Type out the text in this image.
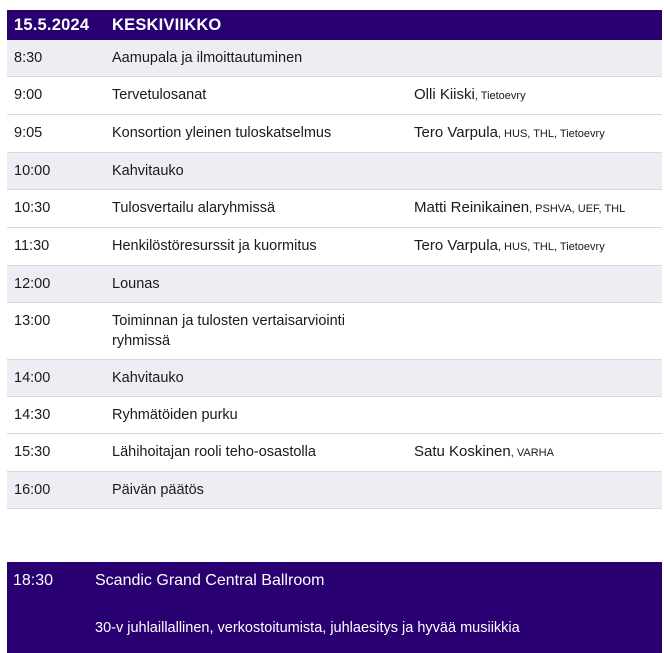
15.5.2024	KESKIVIIKKO
8:30	Aamupala ja ilmoittautuminen
9:00	Tervetulosanat	Olli Kiiski, Tietoevry
9:05	Konsortion yleinen tuloskatselmus	Tero Varpula, HUS, THL, Tietoevry
10:00	Kahvitauko
10:30	Tulosvertailu alaryhmissä	Matti Reinikainen, PSHVA, UEF, THL
11:30	Henkilöstöresurssit ja kuormitus	Tero Varpula, HUS, THL, Tietoevry
12:00	Lounas
13:00	Toiminnan ja tulosten vertaisarviointi ryhmissä
14:00	Kahvitauko
14:30	Ryhmätöiden purku
15:30	Lähihoitajan rooli teho-osastolla	Satu Koskinen, VARHA
16:00	Päivän päätös
18:30	Scandic Grand Central Ballroom
30-v juhlaillallinen, verkostoitumista, juhlaesitys ja hyvää musiikkia
